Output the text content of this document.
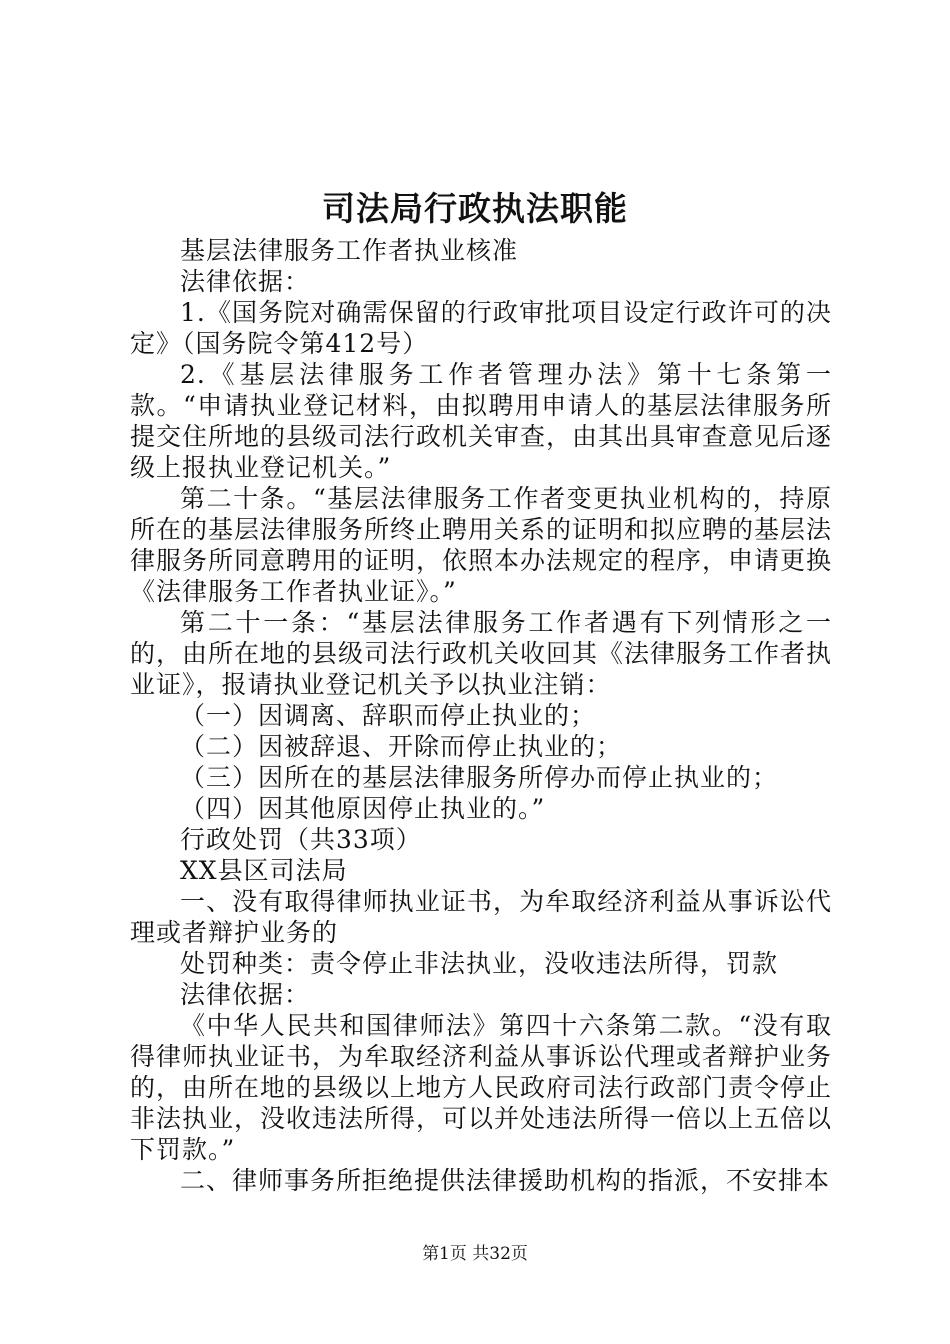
司法局行政执法职能

基层法律服务工作者执业核准

法律依据：

1.《国务院对确需保留的行政审批项目设定行政许可的决定》（国务院令第412号）

2.《基层法律服务工作者管理办法》第十七条第一款。“申请执业登记材料，由拟聘用申请人的基层法律服务所提交住所地的县级司法行政机关审查，由其出具审查意见后逐级上报执业登记机关。”

第二十条。“基层法律服务工作者变更执业机构的，持原所在的基层法律服务所终止聘用关系的证明和拟应聘的基层法律服务所同意聘用的证明，依照本办法规定的程序，申请更换《法律服务工作者执业证》。”

第二十一条：“基层法律服务工作者遇有下列情形之一的，由所在地的县级司法行政机关收回其《法律服务工作者执业证》，报请执业登记机关予以执业注销：

（一）因调离、辞职而停止执业的；

（二）因被辞退、开除而停止执业的；

（三）因所在的基层法律服务所停办而停止执业的；

（四）因其他原因停止执业的。”

行政处罚（共33项）

XX县区司法局

一、没有取得律师执业证书，为牟取经济利益从事诉讼代理或者辩护业务的

处罚种类：责令停止非法执业，没收违法所得，罚款

法律依据：

《中华人民共和国律师法》第四十六条第二款。“没有取得律师执业证书，为牟取经济利益从事诉讼代理或者辩护业务的，由所在地的县级以上地方人民政府司法行政部门责令停止非法执业，没收违法所得，可以并处违法所得一倍以上五倍以下罚款。”

二、律师事务所拒绝提供法律援助机构的指派，不安排本

第1页 共32页
